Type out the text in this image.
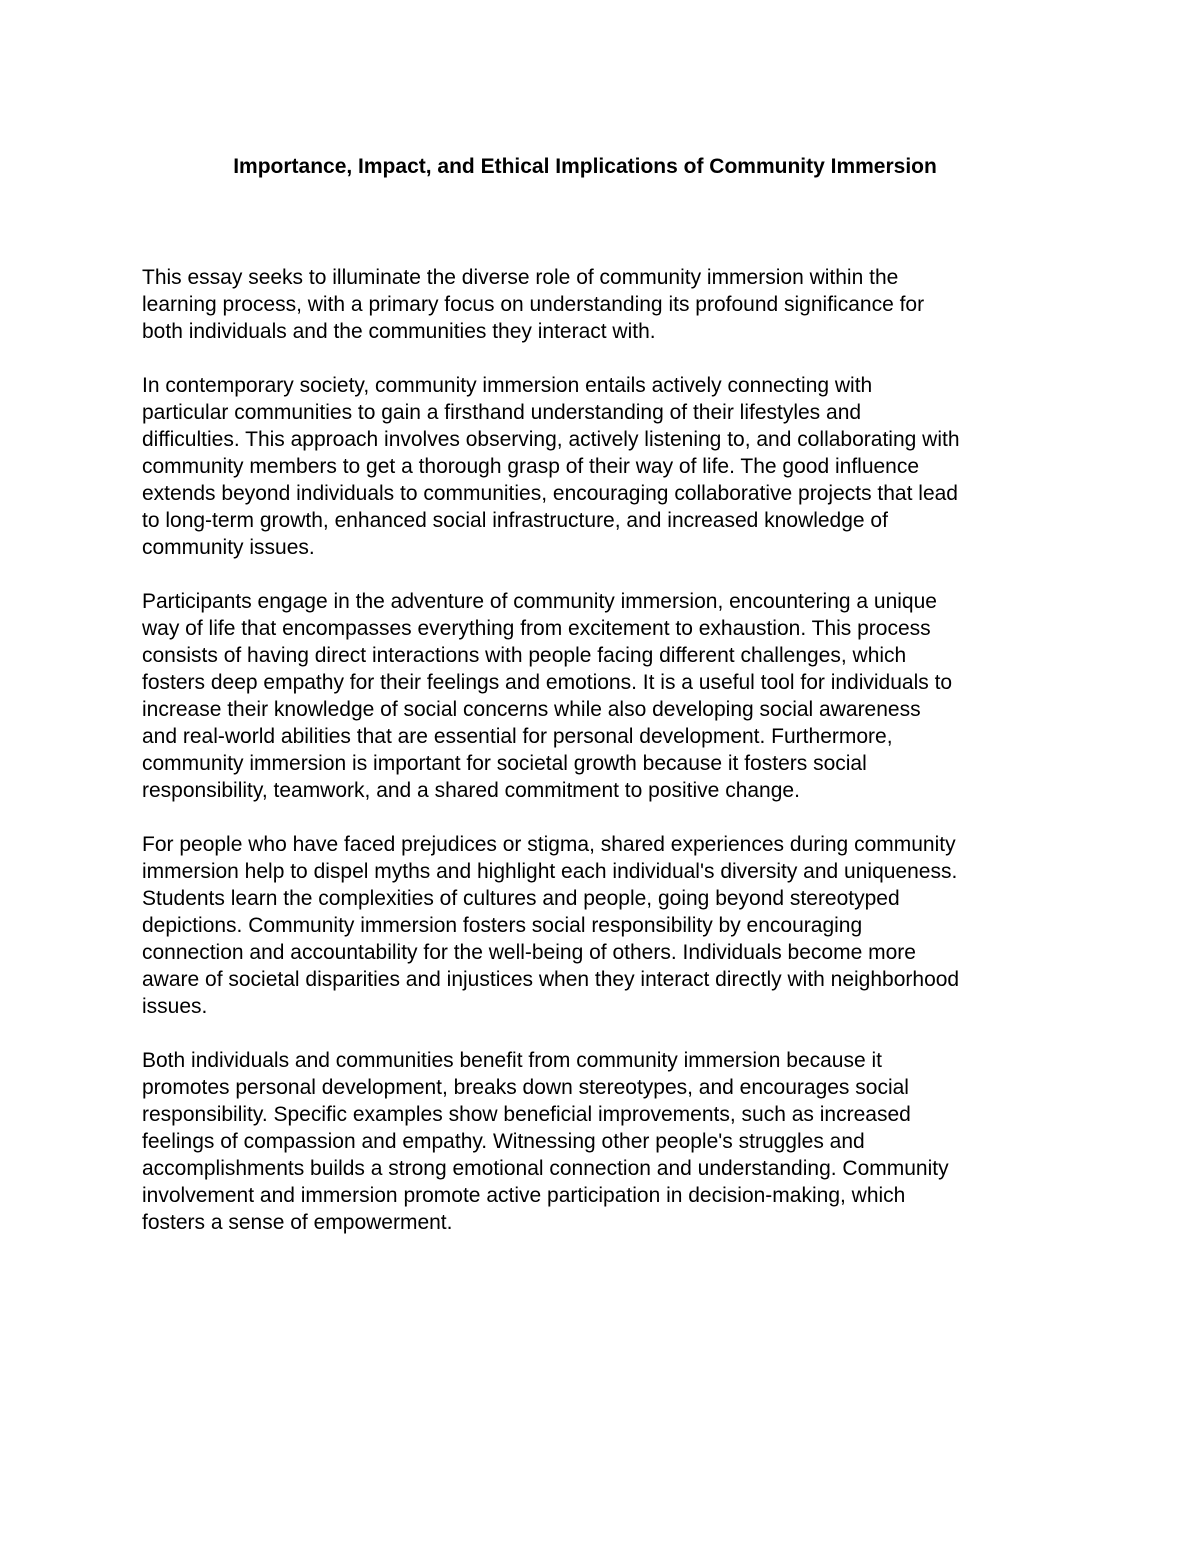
Importance, Impact, and Ethical Implications of Community Immersion

This essay seeks to illuminate the diverse role of community immersion within the
learning process, with a primary focus on understanding its profound significance for
both individuals and the communities they interact with.

In contemporary society, community immersion entails actively connecting with
particular communities to gain a firsthand understanding of their lifestyles and
difficulties. This approach involves observing, actively listening to, and collaborating with
community members to get a thorough grasp of their way of life. The good influence
extends beyond individuals to communities, encouraging collaborative projects that lead
to long-term growth, enhanced social infrastructure, and increased knowledge of
community issues.

Participants engage in the adventure of community immersion, encountering a unique
way of life that encompasses everything from excitement to exhaustion. This process
consists of having direct interactions with people facing different challenges, which
fosters deep empathy for their feelings and emotions. It is a useful tool for individuals to
increase their knowledge of social concerns while also developing social awareness
and real-world abilities that are essential for personal development. Furthermore,
community immersion is important for societal growth because it fosters social
responsibility, teamwork, and a shared commitment to positive change.

For people who have faced prejudices or stigma, shared experiences during community
immersion help to dispel myths and highlight each individual's diversity and uniqueness.
Students learn the complexities of cultures and people, going beyond stereotyped
depictions. Community immersion fosters social responsibility by encouraging
connection and accountability for the well-being of others. Individuals become more
aware of societal disparities and injustices when they interact directly with neighborhood
issues.

Both individuals and communities benefit from community immersion because it
promotes personal development, breaks down stereotypes, and encourages social
responsibility. Specific examples show beneficial improvements, such as increased
feelings of compassion and empathy. Witnessing other people's struggles and
accomplishments builds a strong emotional connection and understanding. Community
involvement and immersion promote active participation in decision-making, which
fosters a sense of empowerment.
